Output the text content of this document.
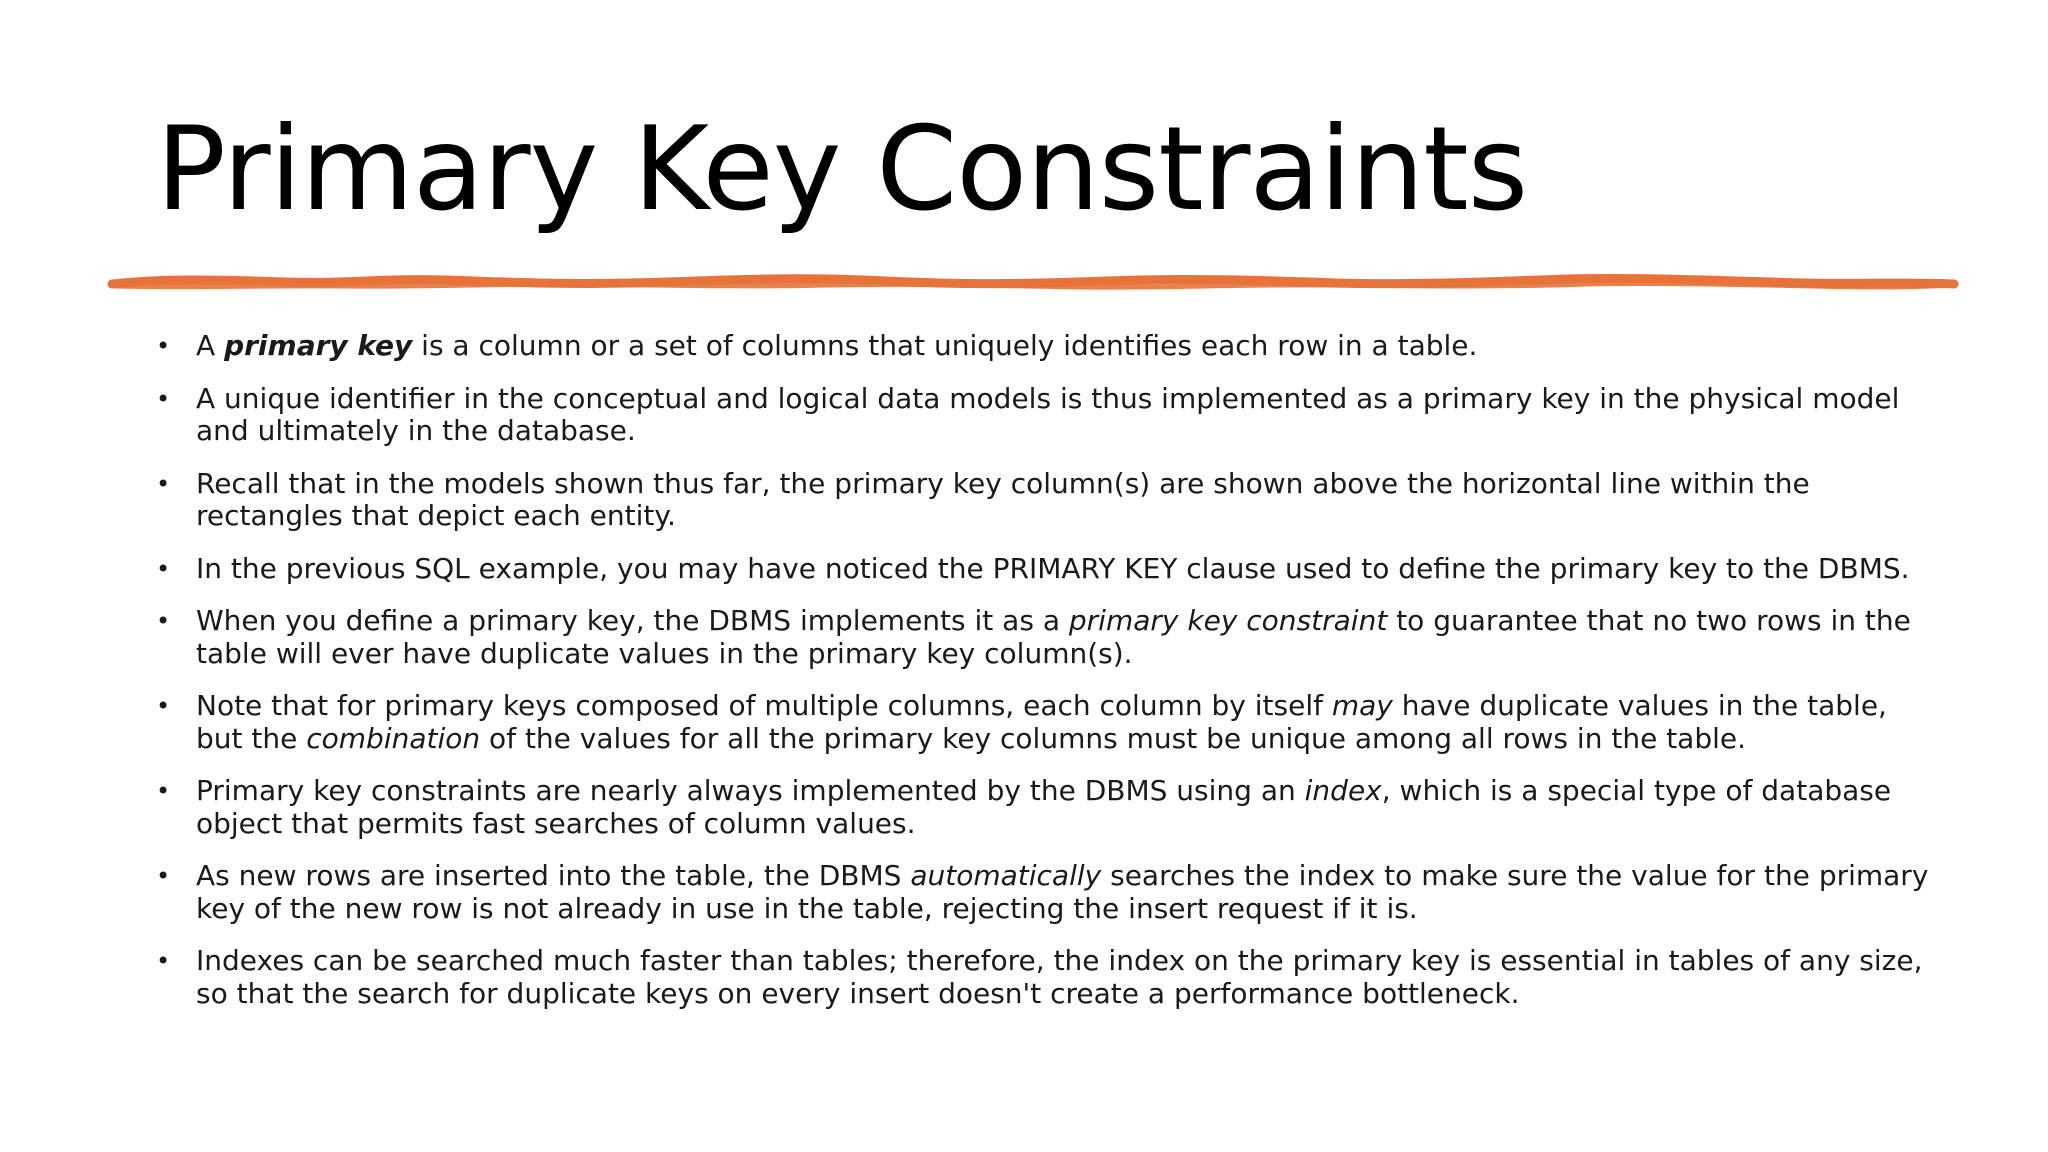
Primary Key Constraints
• A primary key is a column or a set of columns that uniquely identifies each row in a table.
• A unique identifier in the conceptual and logical data models is thus implemented as a primary key in the physical model and ultimately in the database.
• Recall that in the models shown thus far, the primary key column(s) are shown above the horizontal line within the rectangles that depict each entity.
• In the previous SQL example, you may have noticed the PRIMARY KEY clause used to define the primary key to the DBMS.
• When you define a primary key, the DBMS implements it as a primary key constraint to guarantee that no two rows in the table will ever have duplicate values in the primary key column(s).
• Note that for primary keys composed of multiple columns, each column by itself may have duplicate values in the table, but the combination of the values for all the primary key columns must be unique among all rows in the table.
• Primary key constraints are nearly always implemented by the DBMS using an index, which is a special type of database object that permits fast searches of column values.
• As new rows are inserted into the table, the DBMS automatically searches the index to make sure the value for the primary key of the new row is not already in use in the table, rejecting the insert request if it is.
• Indexes can be searched much faster than tables; therefore, the index on the primary key is essential in tables of any size, so that the search for duplicate keys on every insert doesn't create a performance bottleneck.
